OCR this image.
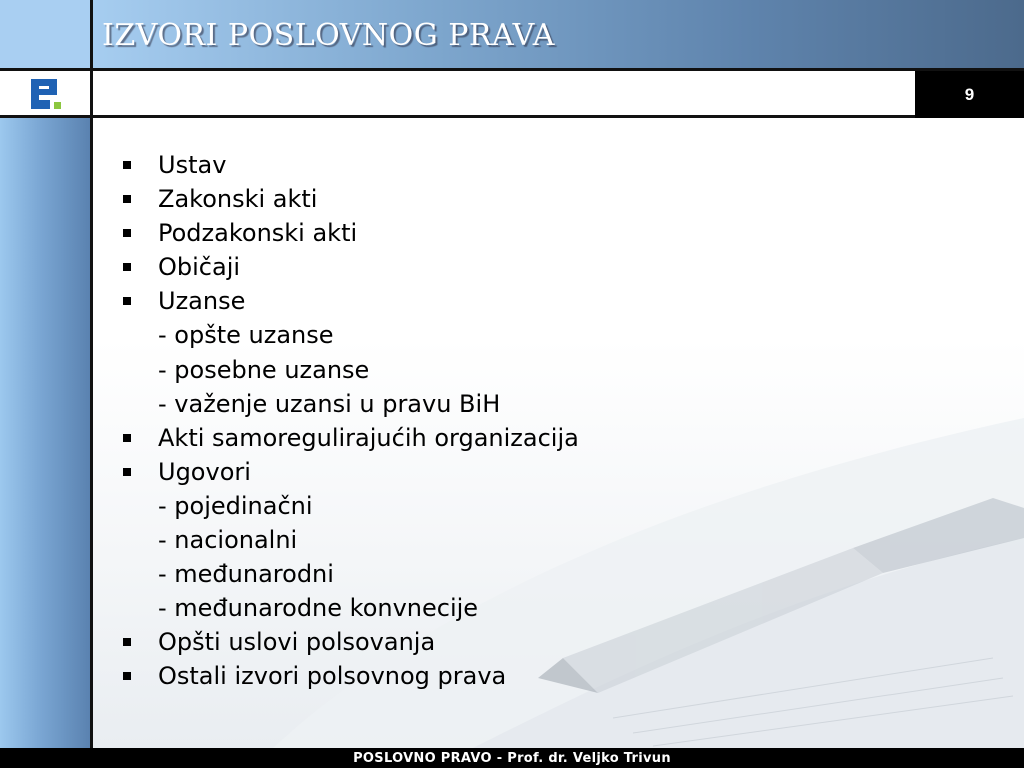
IZVORI POSLOVNOG PRAVA
9
Ustav
Zakonski akti
Podzakonski akti
Običaji
Uzanse
- opšte uzanse
- posebne uzanse
- važenje uzansi u pravu BiH
Akti samoregulirajućih organizacija
Ugovori
- pojedinačni
- nacionalni
- međunarodni
- međunarodne konvnecije
Opšti uslovi polsovanja
Ostali izvori polsovnog prava
POSLOVNO PRAVO - Prof. dr. Veljko Trivun
